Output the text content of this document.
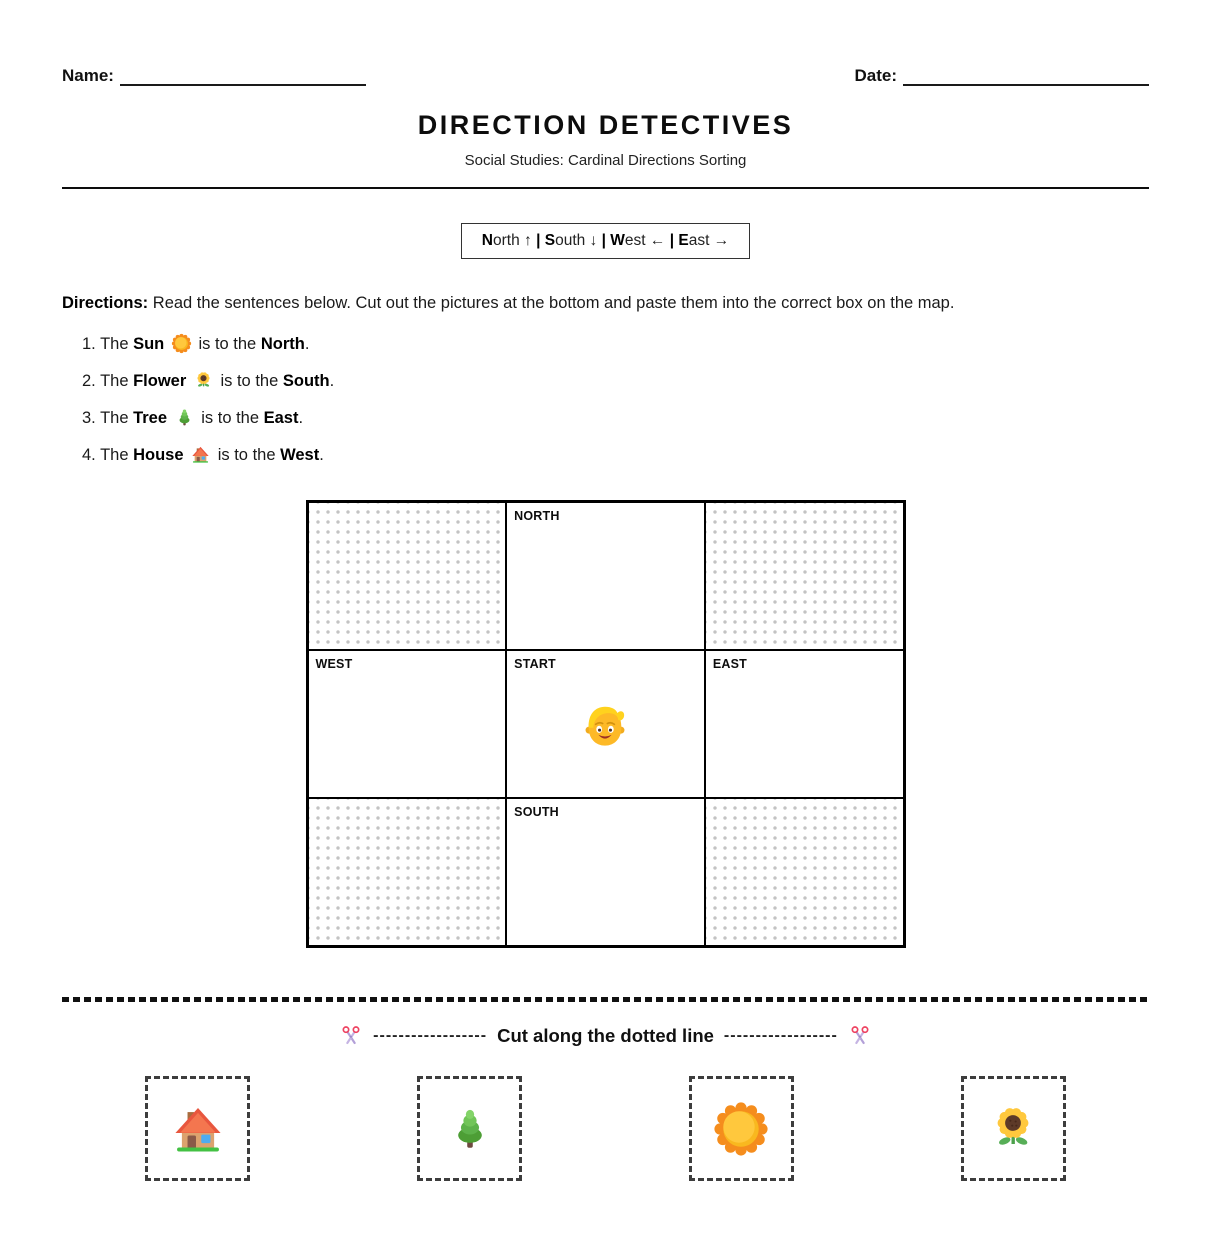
Name:	Date:
DIRECTION DETECTIVES
Social Studies: Cardinal Directions Sorting
North ↑ | South ↓ | West ← | East →

Directions: Read the sentences below. Cut out the pictures at the bottom and paste them into the correct box on the map.

1. The Sun is to the North.
2. The Flower is to the South.
3. The Tree is to the East.
4. The House is to the West.
NORTH
WEST	START	EAST
SOUTH
------------------ Cut along the dotted line ------------------
